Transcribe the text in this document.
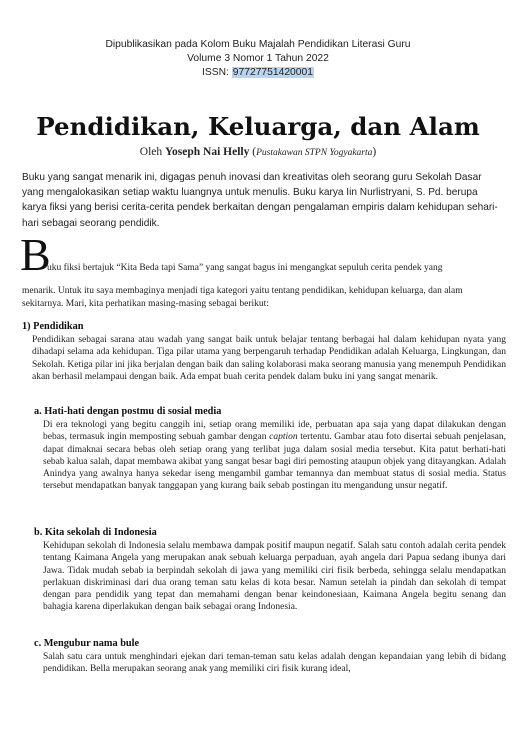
Dipublikasikan pada Kolom Buku Majalah Pendidikan Literasi Guru
Volume 3 Nomor 1 Tahun 2022
ISSN: 97727751420001
Pendidikan, Keluarga, dan Alam
Oleh Yoseph Nai Helly (Pustakawan STPN Yogyakarta)
Buku yang sangat menarik ini, digagas penuh inovasi dan kreativitas oleh seorang guru Sekolah Dasar yang mengalokasikan setiap waktu luangnya untuk menulis. Buku karya Iin Nurlistryani, S. Pd. berupa karya fiksi yang berisi cerita-cerita pendek berkaitan dengan pengalaman empiris dalam kehidupan sehari-hari sebagai seorang pendidik.
B
uku fiksi bertajuk “Kita Beda tapi Sama” yang sangat bagus ini mengangkat sepuluh cerita pendek yang
menarik. Untuk itu saya membaginya menjadi tiga kategori yaitu tentang pendidikan, kehidupan keluarga, dan alam sekitarnya. Mari, kita perhatikan masing-masing sebagai berikut:
1) Pendidikan
Pendidikan sebagai sarana atau wadah yang sangat baik untuk belajar tentang berbagai hal dalam kehidupan nyata yang dihadapi selama ada kehidupan. Tiga pilar utama yang berpengaruh terhadap Pendidikan adalah Keluarga, Lingkungan, dan Sekolah. Ketiga pilar ini jika berjalan dengan baik dan saling kolaborasi maka seorang manusia yang menempuh Pendidikan akan berhasil melampaui dengan baik. Ada empat buah cerita pendek dalam buku ini yang sangat menarik.
a. Hati-hati dengan postmu di sosial media
Di era teknologi yang begitu canggih ini, setiap orang memiliki ide, perbuatan apa saja yang dapat dilakukan dengan bebas, termasuk ingin memposting sebuah gambar dengan caption tertentu. Gambar atau foto disertai sebuah penjelasan, dapat dimaknai secara bebas oleh setiap orang yang terlibat juga dalam sosial media tersebut. Kita patut berhati-hati sebab kalua salah, dapat membawa akibat yang sangat besar bagi diri pemosting ataupun objek yang ditayangkan. Adalah Anindya yang awalnya hanya sekedar iseng mengambil gambar temannya dan membuat status di sosial media. Status tersebut mendapatkan banyak tanggapan yang kurang baik sebab postingan itu mengandung unsur negatif.
b. Kita sekolah di Indonesia
Kehidupan sekolah di Indonesia selalu membawa dampak positif maupun negatif. Salah satu contoh adalah cerita pendek tentang Kaimana Angela yang merupakan anak sebuah keluarga perpaduan, ayah angela dari Papua sedang ibunya dari Jawa. Tidak mudah sebab ia berpindah sekolah di jawa yang memiliki ciri fisik berbeda, sehingga selalu mendapatkan perlakuan diskriminasi dari dua orang teman satu kelas di kota besar. Namun setelah ia pindah dan sekolah di tempat dengan para pendidik yang tepat dan memahami dengan benar keindonesiaan, Kaimana Angela begitu senang dan bahagia karena diperlakukan dengan baik sebagai orang Indonesia.
c. Mengubur nama bule
Salah satu cara untuk menghindari ejekan dari teman-teman satu kelas adalah dengan kepandaian yang lebih di bidang pendidikan. Bella merupakan seorang anak yang memiliki ciri fisik kurang ideal,
